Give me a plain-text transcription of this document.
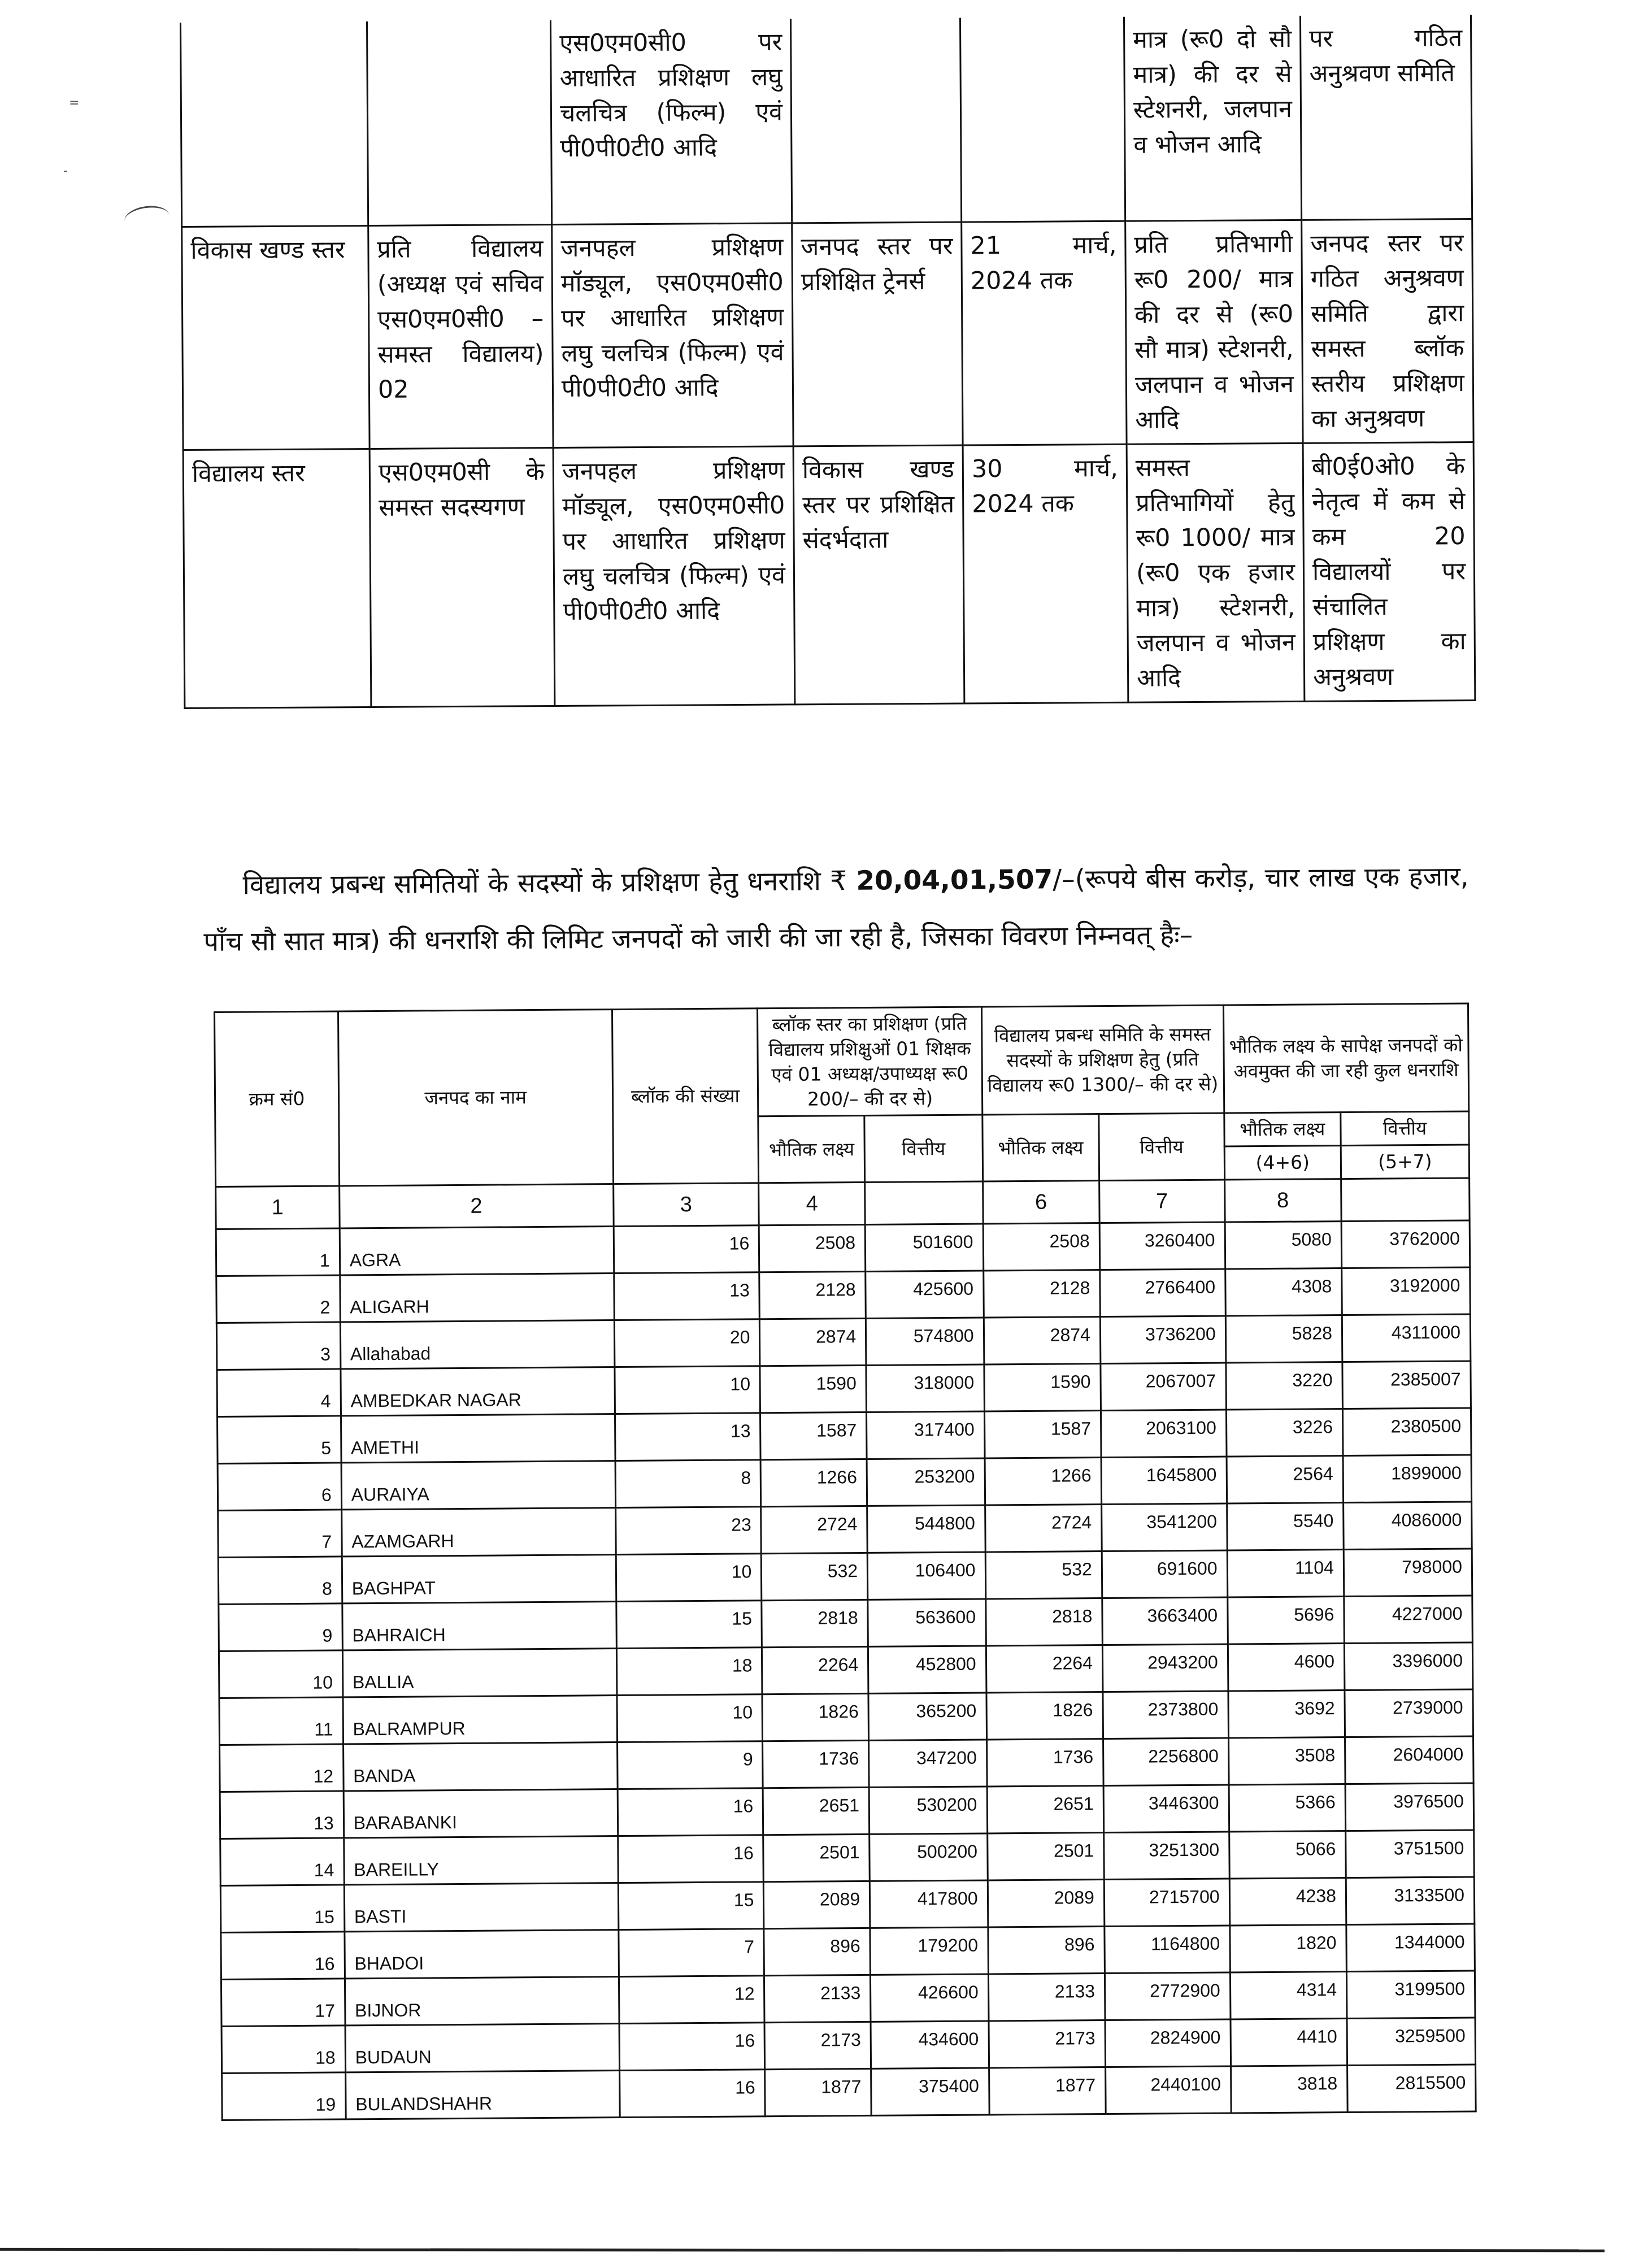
=
-
		एस0एम0सी0 पर आधारित प्रशिक्षण लघु चलचित्र (फिल्म) एवं पी0पी0टी0 आदि			मात्र (रू0 दो सौ मात्र) की दर से स्टेशनरी, जलपान व भोजन आदि	पर गठित अनुश्रवण समिति
विकास खण्ड स्तर	प्रति विद्यालय (अध्यक्ष एवं सचिव एस0एम0सी0 –समस्त विद्यालय) 02	जनपहल प्रशिक्षण मॉड्यूल, एस0एम0सी0 पर आधारित प्रशिक्षण लघु चलचित्र (फिल्म) एवं पी0पी0टी0 आदि	जनपद स्तर पर प्रशिक्षित ट्रेनर्स	21 मार्च, 2024 तक	प्रति प्रतिभागी रू0 200/ मात्र की दर से (रू0 सौ मात्र) स्टेशनरी, जलपान व भोजन आदि	जनपद स्तर पर गठित अनुश्रवण समिति द्वारा समस्त ब्लॉक स्तरीय प्रशिक्षण का अनुश्रवण
विद्यालय स्तर	एस0एम0सी के समस्त सदस्यगण	जनपहल प्रशिक्षण मॉड्यूल, एस0एम0सी0 पर आधारित प्रशिक्षण लघु चलचित्र (फिल्म) एवं पी0पी0टी0 आदि	विकास खण्ड स्तर पर प्रशिक्षित संदर्भदाता	30 मार्च, 2024 तक	समस्त प्रतिभागियों हेतु रू0 1000/ मात्र (रू0 एक हजार मात्र) स्टेशनरी, जलपान व भोजन आदि	बी0ई0ओ0 के नेतृत्व में कम से कम 20 विद्यालयों पर संचालित प्रशिक्षण का अनुश्रवण
विद्यालय प्रबन्ध समितियों के सदस्यों के प्रशिक्षण हेतु धनराशि ₹ 20,04,01,507/–(रूपये बीस करोड़, चार लाख एक हजार, पाँच सौ सात मात्र) की धनराशि की लिमिट जनपदों को जारी की जा रही है, जिसका विवरण निम्नवत् हैः–
क्रम सं0	जनपद का नाम	ब्लॉक की संख्या	ब्लॉक स्तर का प्रशिक्षण (प्रति विद्यालय प्रशिक्षुओं 01 शिक्षक एवं 01 अध्यक्ष/उपाध्यक्ष रू0 200/– की दर से)		विद्यालय प्रबन्ध समिति के समस्त सदस्यों के प्रशिक्षण हेतु (प्रति विद्यालय रू0 1300/– की दर से)		भौतिक लक्ष्य के सापेक्ष जनपदों को अवमुक्त की जा रही कुल धनराशि	
			भौतिक लक्ष्य	वित्तीय	भौतिक लक्ष्य	वित्तीय	भौतिक लक्ष्य	वित्तीय
							(4+6)	(5+7)
1	2	3	4		6	7	8	
1	AGRA	16	2508	501600	2508	3260400	5080	3762000
2	ALIGARH	13	2128	425600	2128	2766400	4308	3192000
3	Allahabad	20	2874	574800	2874	3736200	5828	4311000
4	AMBEDKAR NAGAR	10	1590	318000	1590	2067007	3220	2385007
5	AMETHI	13	1587	317400	1587	2063100	3226	2380500
6	AURAIYA	8	1266	253200	1266	1645800	2564	1899000
7	AZAMGARH	23	2724	544800	2724	3541200	5540	4086000
8	BAGHPAT	10	532	106400	532	691600	1104	798000
9	BAHRAICH	15	2818	563600	2818	3663400	5696	4227000
10	BALLIA	18	2264	452800	2264	2943200	4600	3396000
11	BALRAMPUR	10	1826	365200	1826	2373800	3692	2739000
12	BANDA	9	1736	347200	1736	2256800	3508	2604000
13	BARABANKI	16	2651	530200	2651	3446300	5366	3976500
14	BAREILLY	16	2501	500200	2501	3251300	5066	3751500
15	BASTI	15	2089	417800	2089	2715700	4238	3133500
16	BHADOI	7	896	179200	896	1164800	1820	1344000
17	BIJNOR	12	2133	426600	2133	2772900	4314	3199500
18	BUDAUN	16	2173	434600	2173	2824900	4410	3259500
19	BULANDSHAHR	16	1877	375400	1877	2440100	3818	2815500
